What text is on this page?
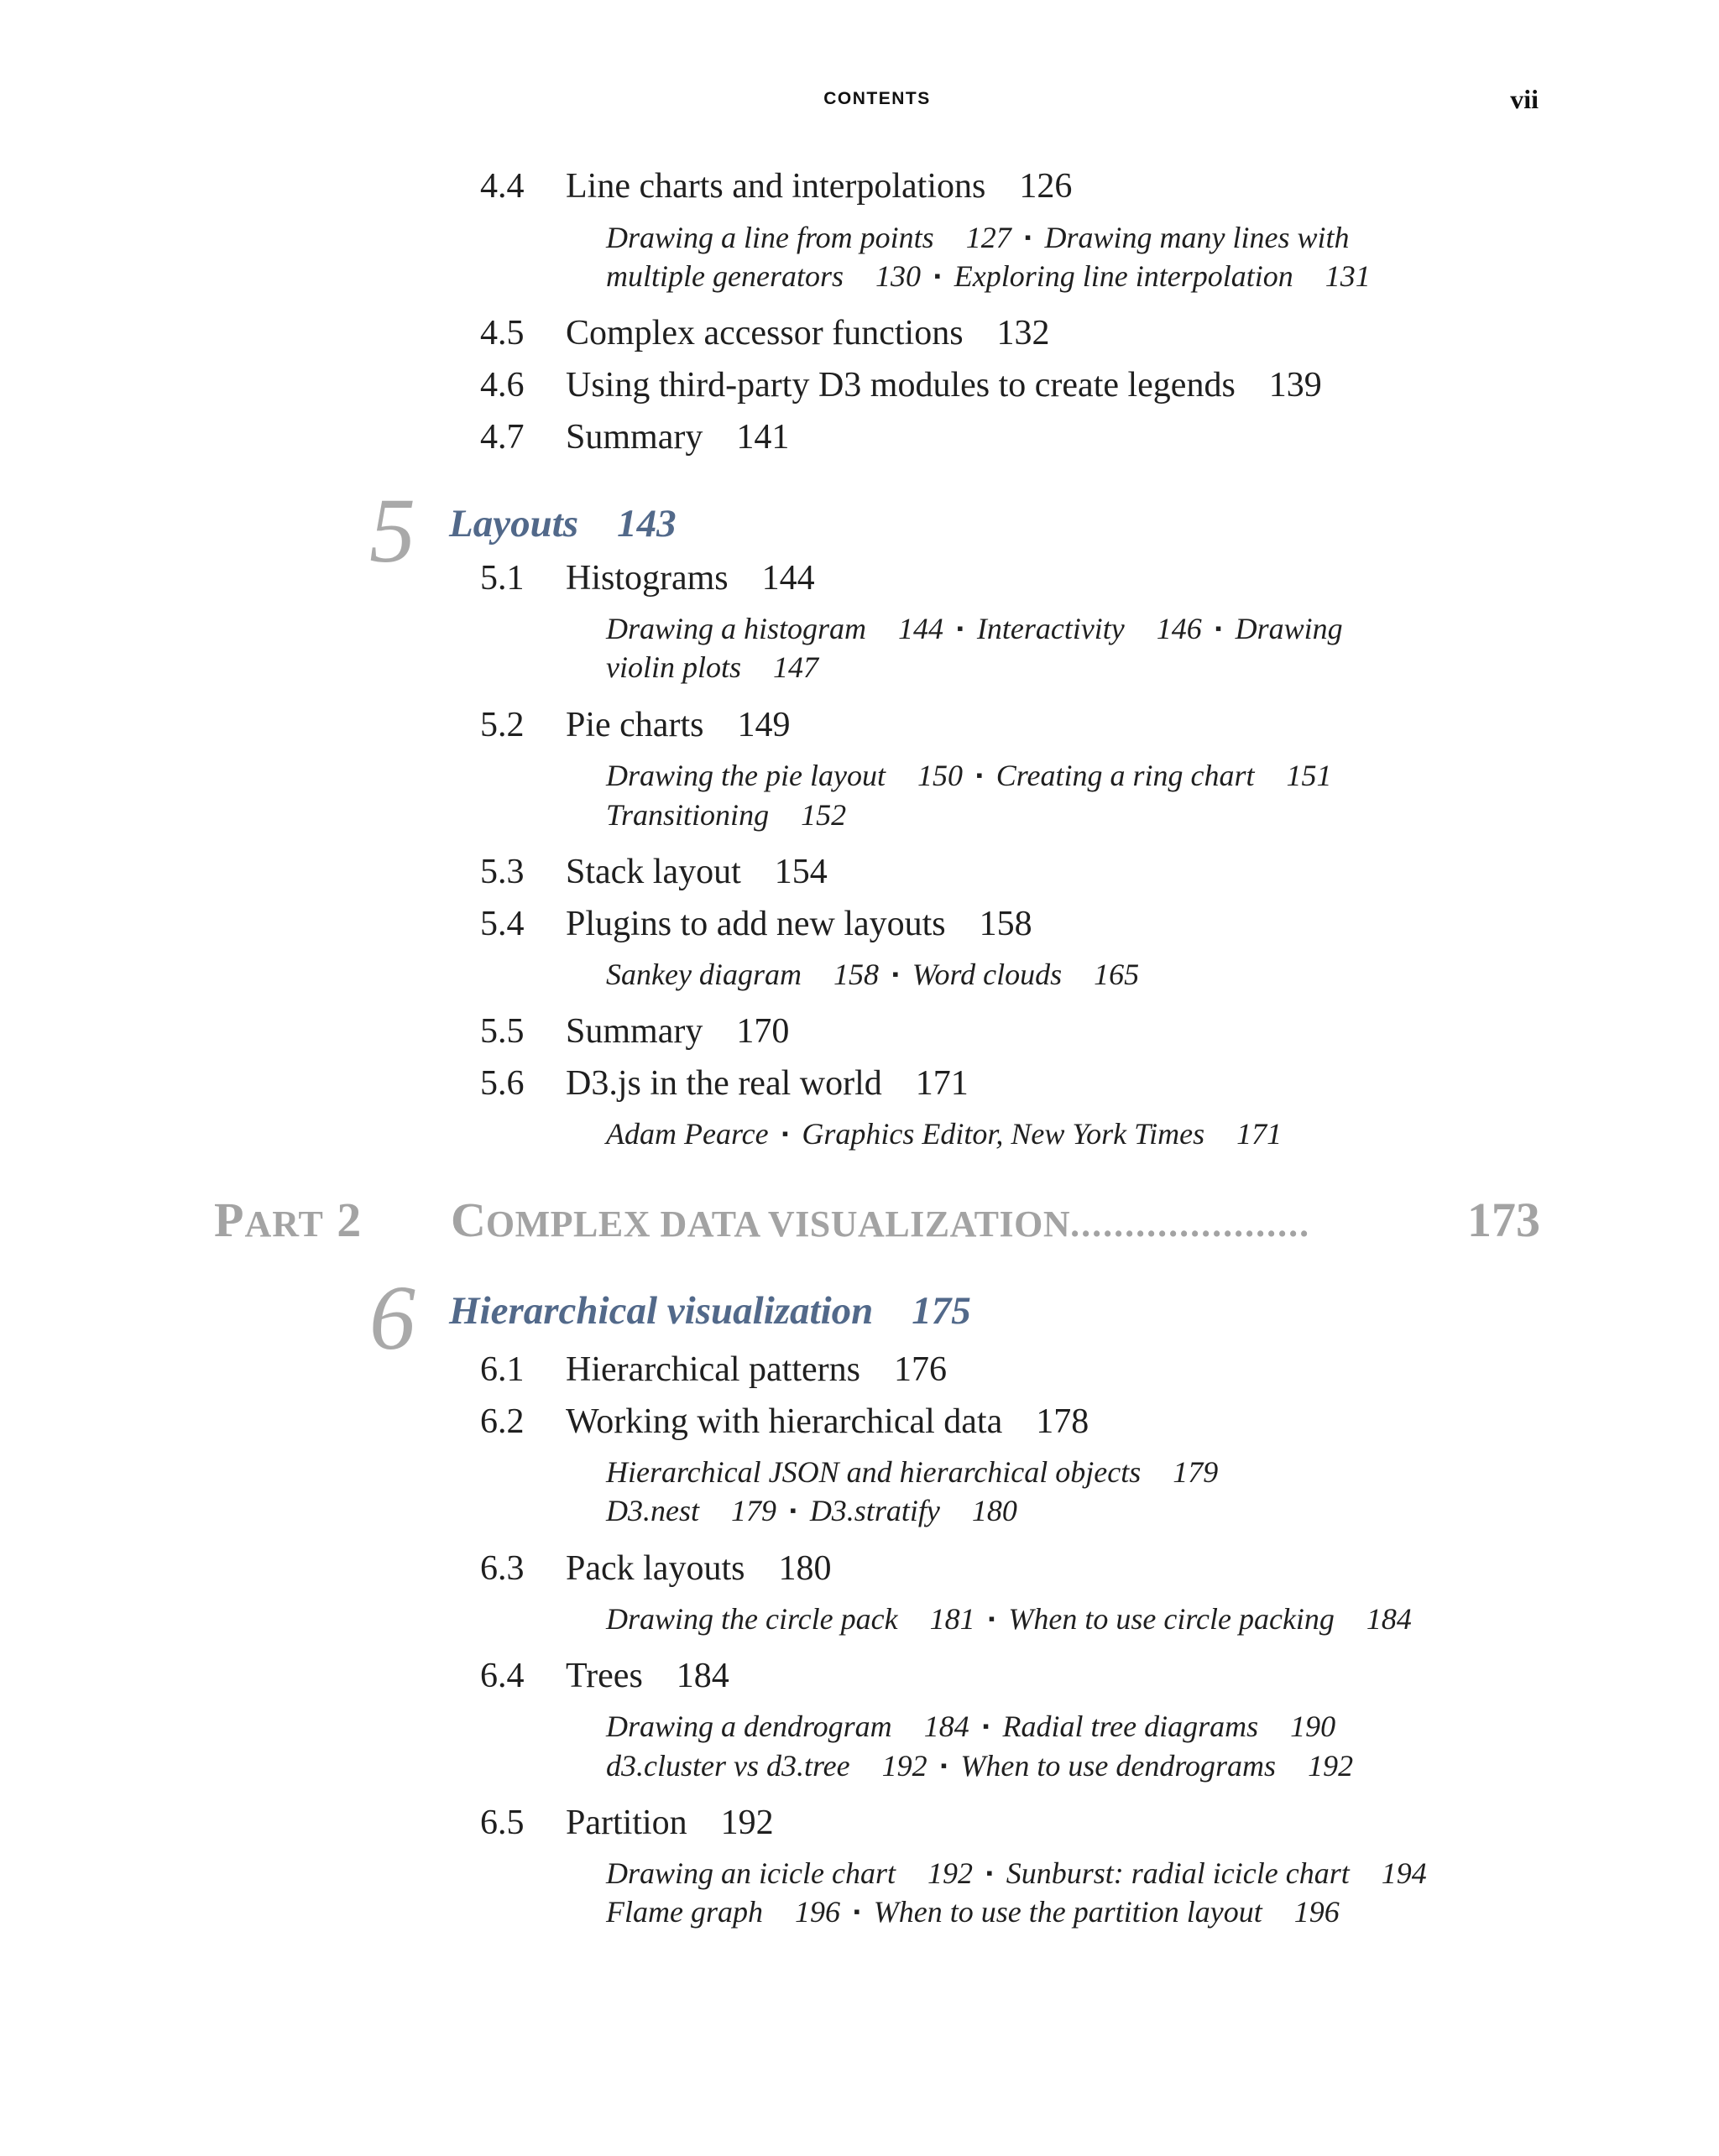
CONTENTS	vii
4.4 Line charts and interpolations 126
Drawing a line from points 127 ▪ Drawing many lines with
multiple generators 130 ▪ Exploring line interpolation 131
4.5 Complex accessor functions 132
4.6 Using third-party D3 modules to create legends 139
4.7 Summary 141
5 Layouts 143
5.1 Histograms 144
Drawing a histogram 144 ▪ Interactivity 146 ▪ Drawing
violin plots 147
5.2 Pie charts 149
Drawing the pie layout 150 ▪ Creating a ring chart 151
Transitioning 152
5.3 Stack layout 154
5.4 Plugins to add new layouts 158
Sankey diagram 158 ▪ Word clouds 165
5.5 Summary 170
5.6 D3.js in the real world 171
Adam Pearce ▪ Graphics Editor, New York Times 171
PART 2 COMPLEX DATA VISUALIZATION......................	173
6 Hierarchical visualization 175
6.1 Hierarchical patterns 176
6.2 Working with hierarchical data 178
Hierarchical JSON and hierarchical objects 179
D3.nest 179 ▪ D3.stratify 180
6.3 Pack layouts 180
Drawing the circle pack 181 ▪ When to use circle packing 184
6.4 Trees 184
Drawing a dendrogram 184 ▪ Radial tree diagrams 190
d3.cluster vs d3.tree 192 ▪ When to use dendrograms 192
6.5 Partition 192
Drawing an icicle chart 192 ▪ Sunburst: radial icicle chart 194
Flame graph 196 ▪ When to use the partition layout 196
